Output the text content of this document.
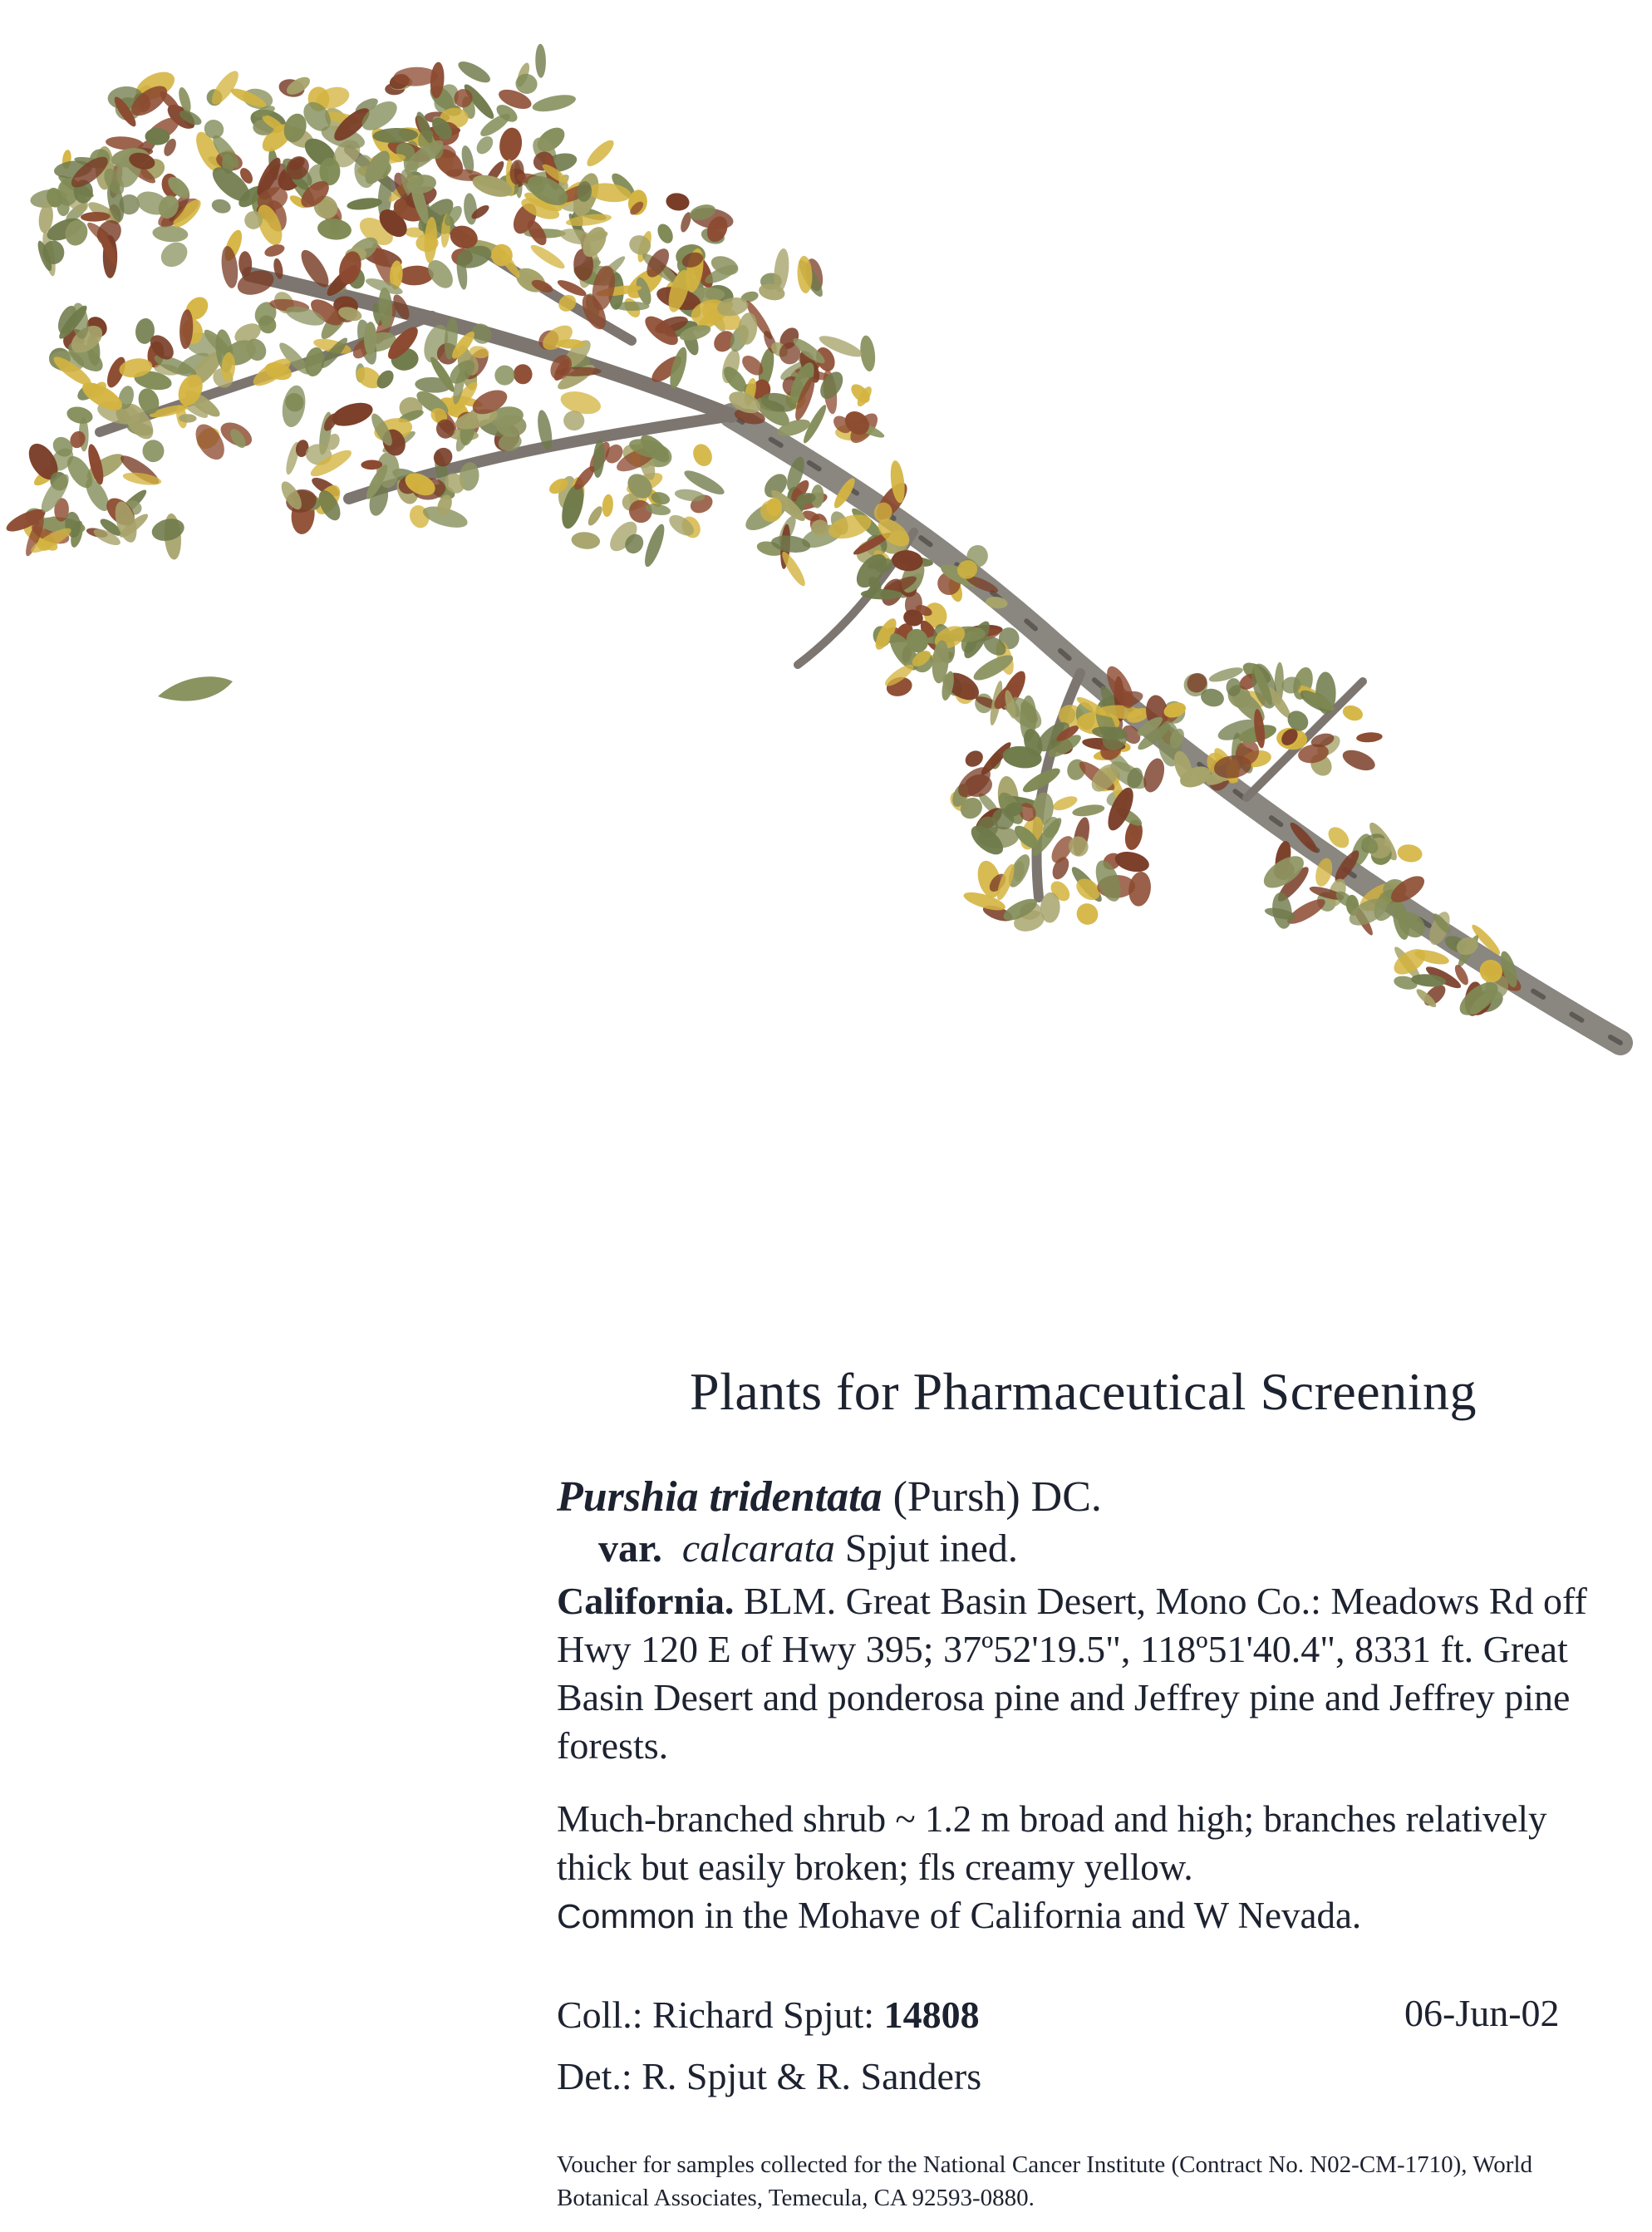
Plants for Pharmaceutical Screening
Purshia tridentata (Pursh) DC.
var. calcarata Spjut ined.
California. BLM. Great Basin Desert, Mono Co.: Meadows Rd off Hwy 120 E of Hwy 395; 37º52'19.5", 118º51'40.4", 8331 ft. Great Basin Desert and ponderosa pine and Jeffrey pine and Jeffrey pine forests.
Much-branched shrub ~ 1.2 m broad and high; branches relatively thick but easily broken; fls creamy yellow.
Common in the Mohave of California and W Nevada.
Coll.: Richard Spjut: 14808	06-Jun-02
Det.: R. Spjut & R. Sanders
Voucher for samples collected for the National Cancer Institute (Contract No. N02-CM-1710), World Botanical Associates, Temecula, CA 92593-0880.
